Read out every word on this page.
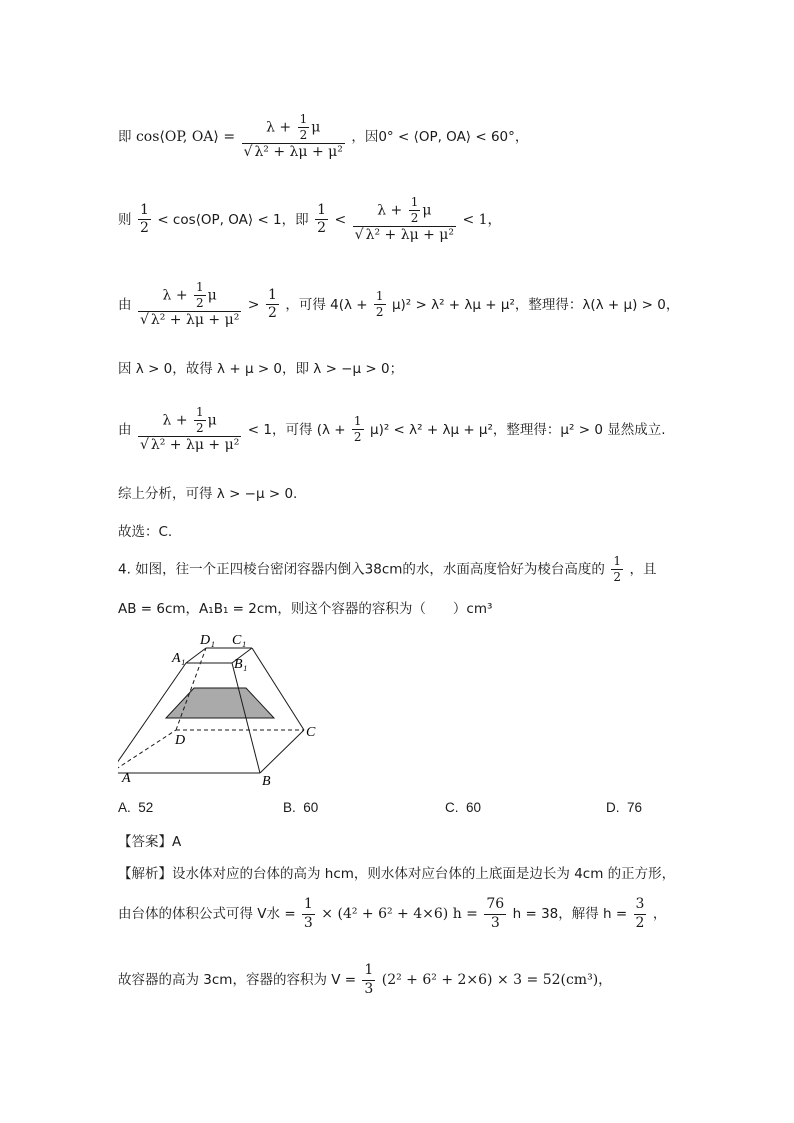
即 cos⟨OP, OA⟩ = $\frac{\lambda + \frac{1}{2} \mu}{\text{√ λ² + λμ + μ²}}$ ，因0° < ⟨OP, OA⟩ < 60°，
则 $\frac{1}{2}$ < cos⟨OP, OA⟩ < 1，即 $\frac{1}{2} < \frac{\lambda + \frac{1}{2} \mu}{\text{√ λ² + λμ + μ²}} < 1$，
由 $\frac{\lambda + \frac{1}{2} \mu}{\text{√ λ² + λμ + μ²}} > \frac{1}{2}$ ，可得 $4(\lambda + \frac{1}{2} \mu)^2 > \lambda^2 + \lambda\mu + \mu^2$，整理得：λ(λ + μ) > 0，
因 λ > 0，故得 λ + μ > 0，即 λ > −μ > 0；
由 $\frac{\lambda + \frac{1}{2} \mu}{\text{√ λ² + λμ + μ²}} < 1$，可得 $(\lambda + \frac{1}{2} \mu)^2 < \lambda^2 + \lambda\mu + \mu^2$，整理得：μ² > 0 显然成立.
综上分析，可得 λ > −μ > 0.
故选：C.
4. 如图，往一个正四棱台密闭容器内倒入38cm的水，水面高度恰好为棱台高度的 $\frac{1}{2}$ ，且
AB = 6cm，A₁B₁ = 2cm，则这个容器的容积为（　　）cm³
A₁
D₁ C₁
B₁
A	B
C
D
A. 52	B. 60	C. 60	D. 76
【答案】A
【解析】设水体对应的台体的高为 hcm，则水体对应台体的上底面是边长为 4cm 的正方形，
由台体的体积公式可得 V水 = $\frac{1}{3} \times (4^2 + 6^2 + 4\times 6) h = \frac{76}{3}$ h = 38，解得 $h = \frac{3}{2}$ ，
故容器的高为 3cm，容器的容积为 $V = \frac{1}{3} (2^2 + 6^2 + 2\times 6) \times 3 = 52(cm^3)$，
